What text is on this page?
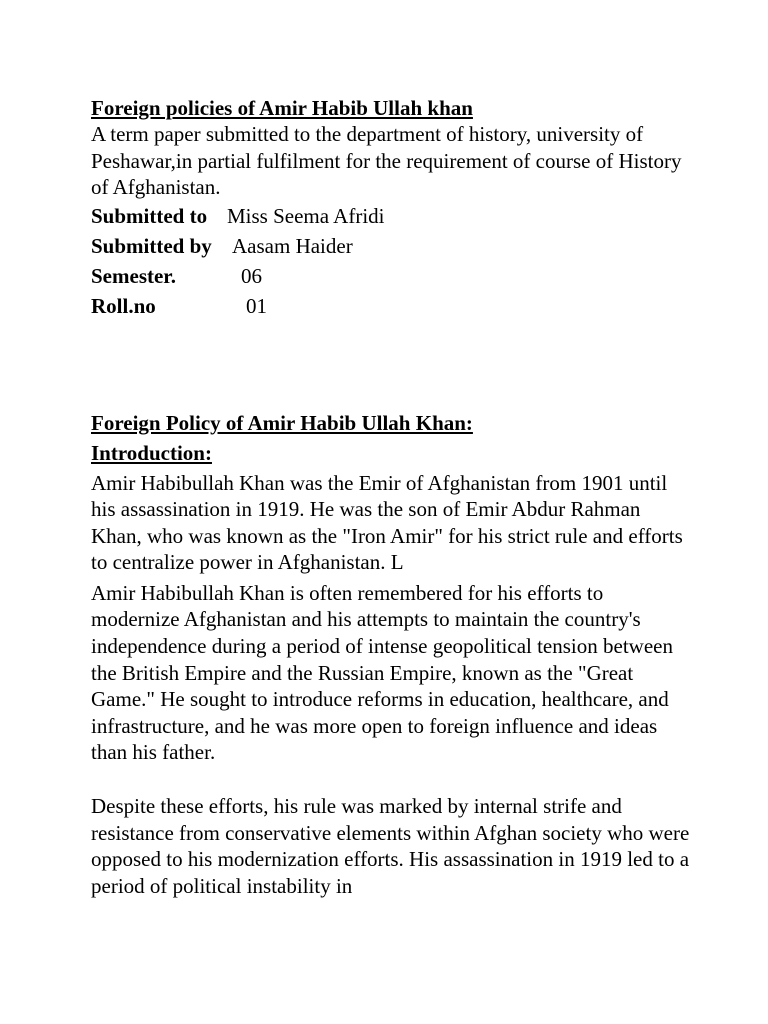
Foreign policies of Amir Habib Ullah khan

A term paper submitted to the department of history, university of Peshawar,in partial fulfilment for the requirement of course of History of Afghanistan.

Submitted to Miss Seema Afridi
Submitted by Aasam Haider
Semester.	06
Roll.no	01
Foreign Policy of Amir Habib Ullah Khan:
Introduction:

Amir Habibullah Khan was the Emir of Afghanistan from 1901 until his assassination in 1919. He was the son of Emir Abdur Rahman Khan, who was known as the "Iron Amir" for his strict rule and efforts to centralize power in Afghanistan. L

Amir Habibullah Khan is often remembered for his efforts to modernize Afghanistan and his attempts to maintain the country's independence during a period of intense geopolitical tension between the British Empire and the Russian Empire, known as the "Great Game." He sought to introduce reforms in education, healthcare, and infrastructure, and he was more open to foreign influence and ideas than his father.

Despite these efforts, his rule was marked by internal strife and resistance from conservative elements within Afghan society who were opposed to his modernization efforts. His assassination in 1919 led to a period of political instability in
